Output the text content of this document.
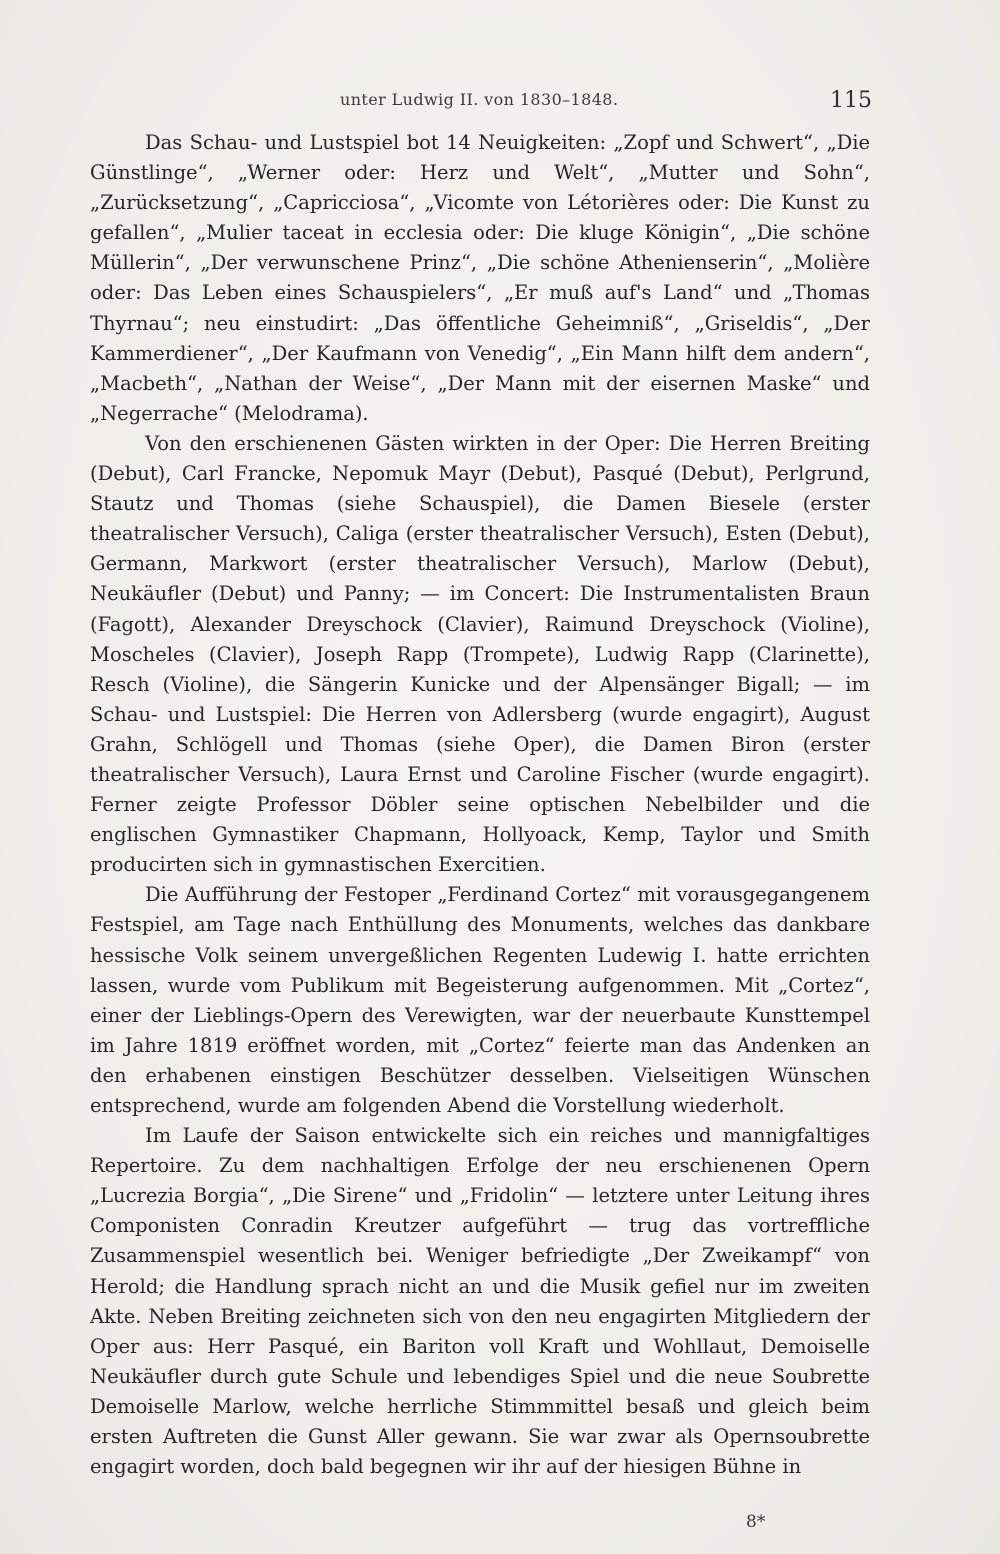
unter Ludwig II. von 1830–1848.	115

Das Schau- und Lustspiel bot 14 Neuigkeiten: „Zopf und Schwert“, „Die Günstlinge“, „Werner oder: Herz und Welt“, „Mutter und Sohn“, „Zurücksetzung“, „Capricciosa“, „Vicomte von Létorières oder: Die Kunst zu gefallen“, „Mulier taceat in ecclesia oder: Die kluge Königin“, „Die schöne Müllerin“, „Der verwunschene Prinz“, „Die schöne Athenienserin“, „Molière oder: Das Leben eines Schauspielers“, „Er muß auf's Land“ und „Thomas Thyrnau“; neu einstudirt: „Das öffentliche Geheimniß“, „Griseldis“, „Der Kammerdiener“, „Der Kaufmann von Venedig“, „Ein Mann hilft dem andern“, „Macbeth“, „Nathan der Weise“, „Der Mann mit der eisernen Maske“ und „Negerrache“ (Melodrama).

Von den erschienenen Gästen wirkten in der Oper: Die Herren Breiting (Debut), Carl Francke, Nepomuk Mayr (Debut), Pasqué (Debut), Perlgrund, Stautz und Thomas (siehe Schauspiel), die Damen Biesele (erster theatralischer Versuch), Caliga (erster theatralischer Versuch), Esten (Debut), Germann, Markwort (erster theatralischer Versuch), Marlow (Debut), Neukäufler (Debut) und Panny; — im Concert: Die Instrumentalisten Braun (Fagott), Alexander Dreyschock (Clavier), Raimund Dreyschock (Violine), Moscheles (Clavier), Joseph Rapp (Trompete), Ludwig Rapp (Clarinette), Resch (Violine), die Sängerin Kunicke und der Alpensänger Bigall; — im Schau- und Lustspiel: Die Herren von Adlersberg (wurde engagirt), August Grahn, Schlögell und Thomas (siehe Oper), die Damen Biron (erster theatralischer Versuch), Laura Ernst und Caroline Fischer (wurde engagirt). Ferner zeigte Professor Döbler seine optischen Nebelbilder und die englischen Gymnastiker Chapmann, Hollyoack, Kemp, Taylor und Smith producirten sich in gymnastischen Exercitien.

Die Aufführung der Festoper „Ferdinand Cortez“ mit vorausgegangenem Festspiel, am Tage nach Enthüllung des Monuments, welches das dankbare hessische Volk seinem unvergeßlichen Regenten Ludewig I. hatte errichten lassen, wurde vom Publikum mit Begeisterung aufgenommen. Mit „Cortez“, einer der Lieblings-Opern des Verewigten, war der neuerbaute Kunsttempel im Jahre 1819 eröffnet worden, mit „Cortez“ feierte man das Andenken an den erhabenen einstigen Beschützer desselben. Vielseitigen Wünschen entsprechend, wurde am folgenden Abend die Vorstellung wiederholt.

Im Laufe der Saison entwickelte sich ein reiches und mannigfaltiges Repertoire. Zu dem nachhaltigen Erfolge der neu erschienenen Opern „Lucrezia Borgia“, „Die Sirene“ und „Fridolin“ — letztere unter Leitung ihres Componisten Conradin Kreutzer aufgeführt — trug das vortreffliche Zusammenspiel wesentlich bei. Weniger befriedigte „Der Zweikampf“ von Herold; die Handlung sprach nicht an und die Musik gefiel nur im zweiten Akte. Neben Breiting zeichneten sich von den neu engagirten Mitgliedern der Oper aus: Herr Pasqué, ein Bariton voll Kraft und Wohllaut, Demoiselle Neukäufler durch gute Schule und lebendiges Spiel und die neue Soubrette Demoiselle Marlow, welche herrliche Stimmmittel besaß und gleich beim ersten Auftreten die Gunst Aller gewann. Sie war zwar als Opernsoubrette engagirt worden, doch bald begegnen wir ihr auf der hiesigen Bühne in

8*
